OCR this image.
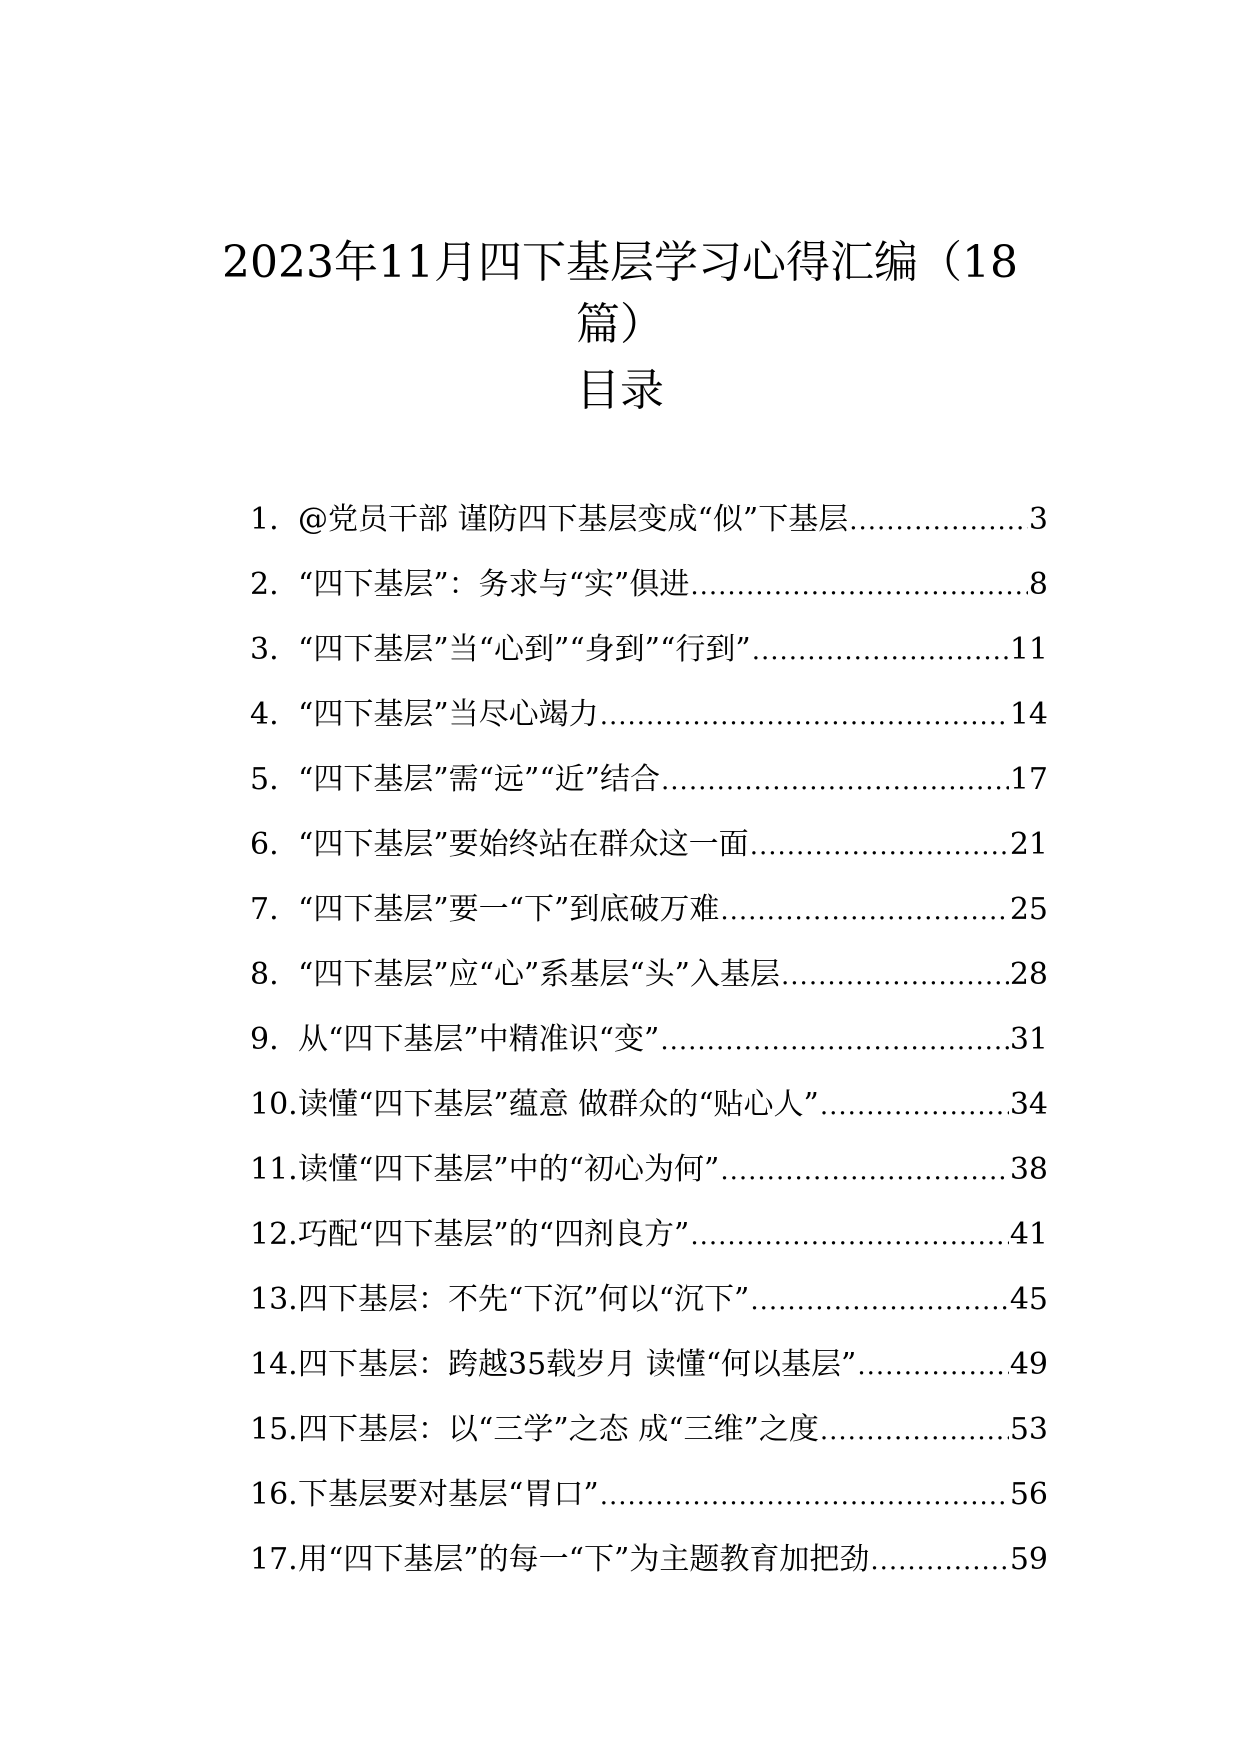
2023年11月四下基层学习心得汇编（18
篇）
目录
1. @党员干部 谨防四下基层变成“似”下基层 .....	3
2. “四下基层”：务求与“实”俱进 .....	8
3. “四下基层”当“心到”“身到”“行到” .....	11
4. “四下基层”当尽心竭力 .....	14
5. “四下基层”需“远”“近”结合 .....	17
6. “四下基层”要始终站在群众这一面 .....	21
7. “四下基层”要一“下”到底破万难 .....	25
8. “四下基层”应“心”系基层“头”入基层 .....	28
9. 从“四下基层”中精准识“变” .....	31
10. 读懂“四下基层”蕴意 做群众的“贴心人” .....	34
11. 读懂“四下基层”中的“初心为何” .....	38
12. 巧配“四下基层”的“四剂良方” .....	41
13. 四下基层：不先“下沉”何以“沉下” .....	45
14. 四下基层：跨越35载岁月 读懂“何以基层” .....	49
15. 四下基层：以“三学”之态 成“三维”之度 .....	53
16. 下基层要对基层“胃口” .....	56
17. 用“四下基层”的每一“下”为主题教育加把劲 .....	59
